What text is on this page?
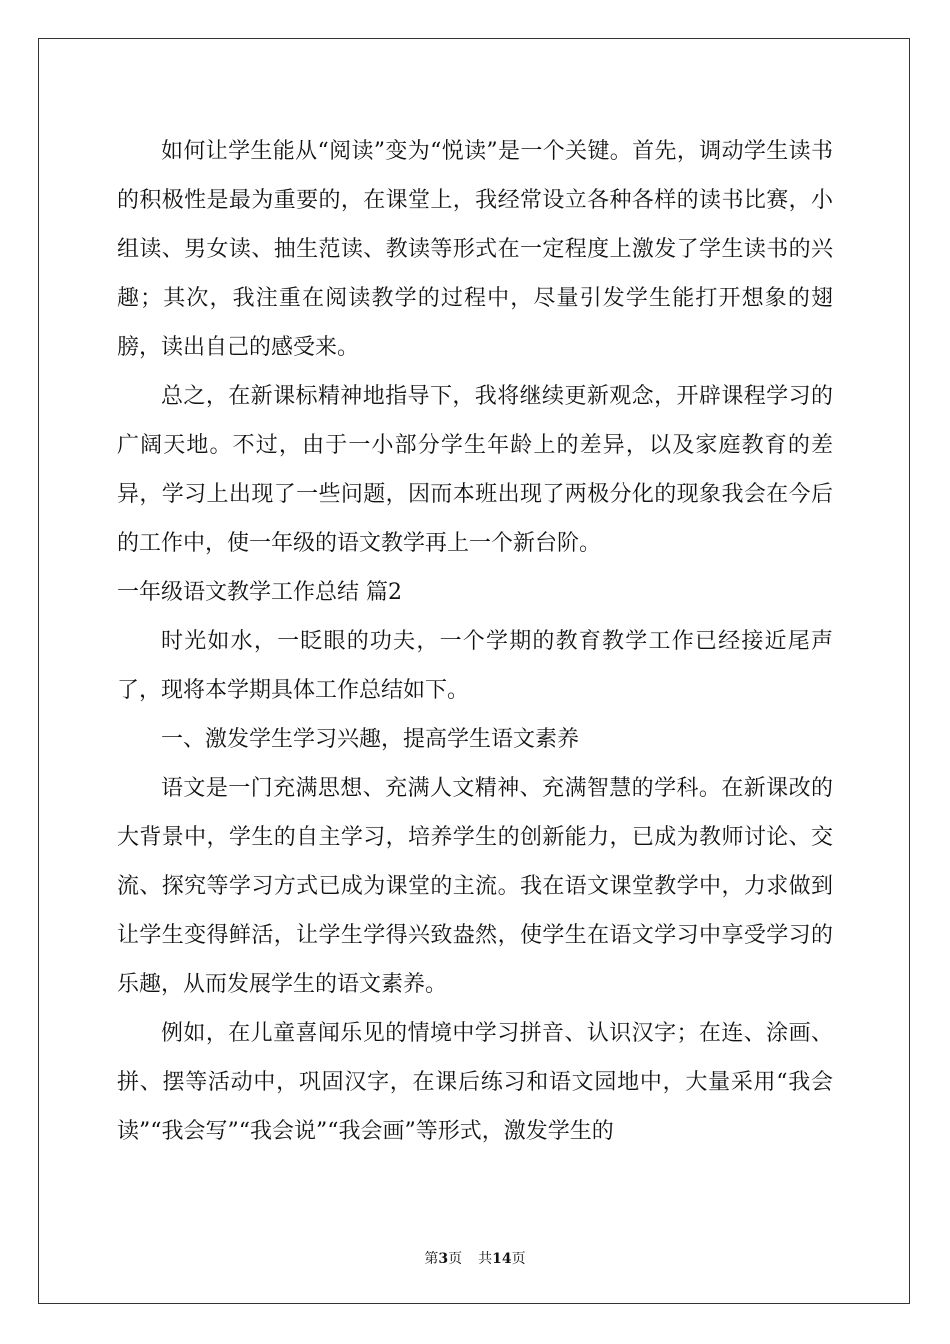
如何让学生能从“阅读”变为“悦读”是一个关键。首先，调动学生读书的积极性是最为重要的，在课堂上，我经常设立各种各样的读书比赛，小组读、男女读、抽生范读、教读等形式在一定程度上激发了学生读书的兴趣；其次，我注重在阅读教学的过程中，尽量引发学生能打开想象的翅膀，读出自己的感受来。

总之，在新课标精神地指导下，我将继续更新观念，开辟课程学习的广阔天地。不过，由于一小部分学生年龄上的差异，以及家庭教育的差异，学习上出现了一些问题，因而本班出现了两极分化的现象我会在今后的工作中，使一年级的语文教学再上一个新台阶。

一年级语文教学工作总结 篇2

时光如水，一眨眼的功夫，一个学期的教育教学工作已经接近尾声了，现将本学期具体工作总结如下。

一、激发学生学习兴趣，提高学生语文素养

语文是一门充满思想、充满人文精神、充满智慧的学科。在新课改的大背景中，学生的自主学习，培养学生的创新能力，已成为教师讨论、交流、探究等学习方式已成为课堂的主流。我在语文课堂教学中，力求做到让学生变得鲜活，让学生学得兴致盎然，使学生在语文学习中享受学习的乐趣，从而发展学生的语文素养。

例如，在儿童喜闻乐见的情境中学习拼音、认识汉字；在连、涂画、拼、摆等活动中，巩固汉字，在课后练习和语文园地中，大量采用“我会读”“我会写”“我会说”“我会画”等形式，激发学生的

第3页 共14页
